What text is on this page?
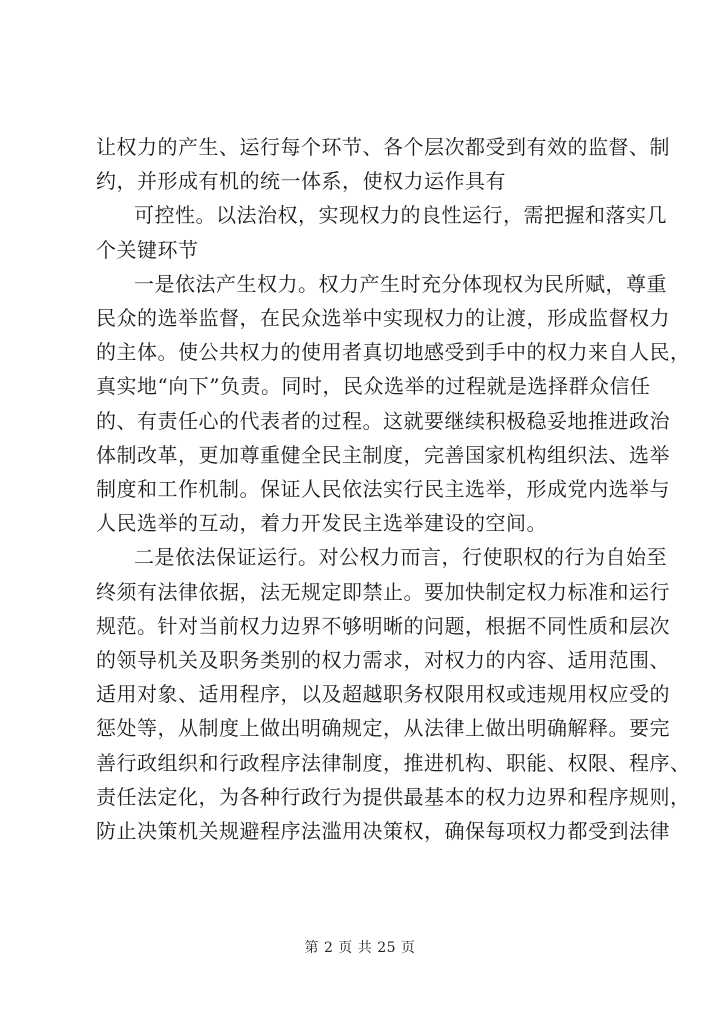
让权力的产生、运行每个环节、各个层次都受到有效的监督、制
约，并形成有机的统一体系，使权力运作具有
可控性。以法治权，实现权力的良性运行，需把握和落实几
个关键环节

一是依法产生权力。权力产生时充分体现权为民所赋，尊重
民众的选举监督，在民众选举中实现权力的让渡，形成监督权力
的主体。使公共权力的使用者真切地感受到手中的权力来自人民，
真实地“向下”负责。同时，民众选举的过程就是选择群众信任
的、有责任心的代表者的过程。这就要继续积极稳妥地推进政治
体制改革，更加尊重健全民主制度，完善国家机构组织法、选举
制度和工作机制。保证人民依法实行民主选举，形成党内选举与
人民选举的互动，着力开发民主选举建设的空间。

二是依法保证运行。对公权力而言，行使职权的行为自始至
终须有法律依据，法无规定即禁止。要加快制定权力标准和运行
规范。针对当前权力边界不够明晰的问题，根据不同性质和层次
的领导机关及职务类别的权力需求，对权力的内容、适用范围、
适用对象、适用程序，以及超越职务权限用权或违规用权应受的
惩处等，从制度上做出明确规定，从法律上做出明确解释。要完
善行政组织和行政程序法律制度，推进机构、职能、权限、程序、
责任法定化，为各种行政行为提供最基本的权力边界和程序规则，
防止决策机关规避程序法滥用决策权，确保每项权力都受到法律

第 2 页 共 25 页
